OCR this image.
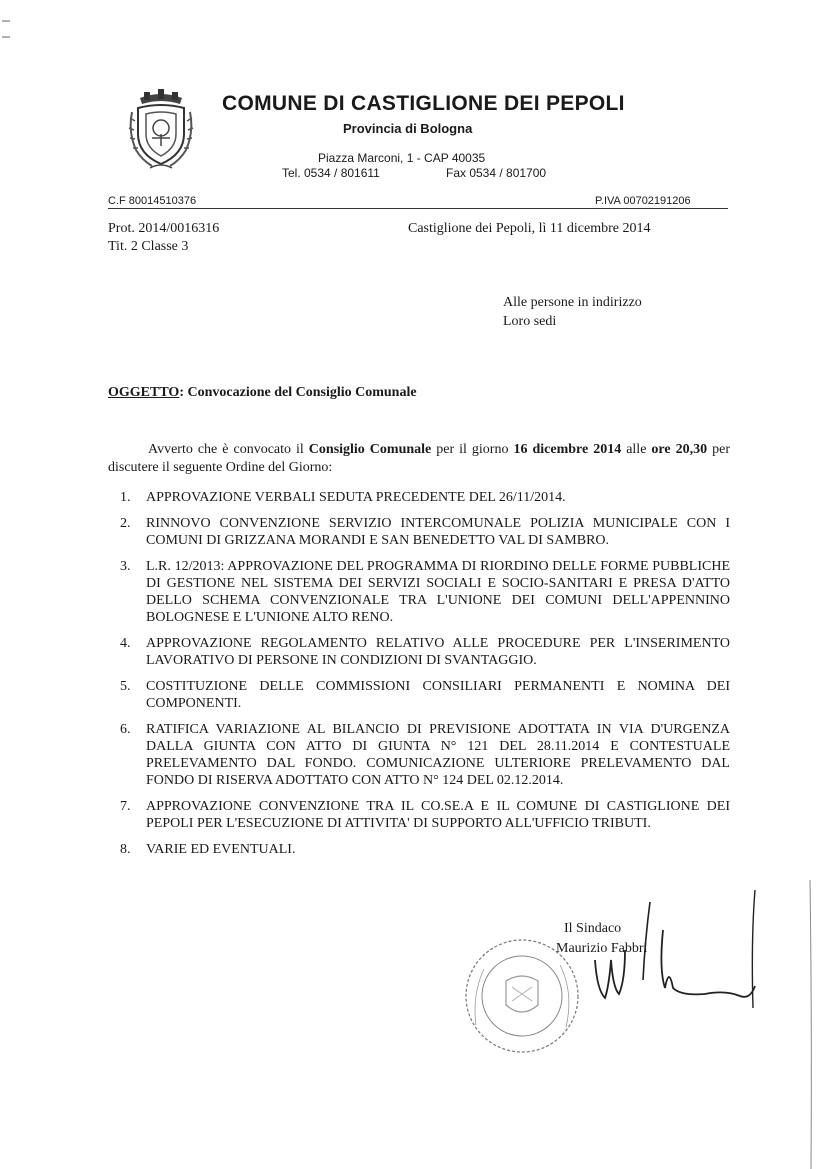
COMUNE DI CASTIGLIONE DEI PEPOLI
Provincia di Bologna
Piazza Marconi, 1 - CAP 40035
Tel. 0534 / 801611	Fax 0534 / 801700
C.F 80014510376	P.IVA 00702191206
Prot. 2014/0016316
Tit. 2 Classe 3
Castiglione dei Pepoli, lì 11 dicembre 2014
Alle persone in indirizzo
Loro sedi
OGGETTO: Convocazione del Consiglio Comunale
Avverto che è convocato il Consiglio Comunale per il giorno 16 dicembre 2014 alle ore 20,30 per discutere il seguente Ordine del Giorno:
1. APPROVAZIONE VERBALI SEDUTA PRECEDENTE DEL 26/11/2014.
2. RINNOVO CONVENZIONE SERVIZIO INTERCOMUNALE POLIZIA MUNICIPALE CON I COMUNI DI GRIZZANA MORANDI E SAN BENEDETTO VAL DI SAMBRO.
3. L.R. 12/2013: APPROVAZIONE DEL PROGRAMMA DI RIORDINO DELLE FORME PUBBLICHE DI GESTIONE NEL SISTEMA DEI SERVIZI SOCIALI E SOCIO-SANITARI E PRESA D'ATTO DELLO SCHEMA CONVENZIONALE TRA L'UNIONE DEI COMUNI DELL'APPENNINO BOLOGNESE E L'UNIONE ALTO RENO.
4. APPROVAZIONE REGOLAMENTO RELATIVO ALLE PROCEDURE PER L'INSERIMENTO LAVORATIVO DI PERSONE IN CONDIZIONI DI SVANTAGGIO.
5. COSTITUZIONE DELLE COMMISSIONI CONSILIARI PERMANENTI E NOMINA DEI COMPONENTI.
6. RATIFICA VARIAZIONE AL BILANCIO DI PREVISIONE ADOTTATA IN VIA D'URGENZA DALLA GIUNTA CON ATTO DI GIUNTA N° 121 DEL 28.11.2014 E CONTESTUALE PRELEVAMENTO DAL FONDO. COMUNICAZIONE ULTERIORE PRELEVAMENTO DAL FONDO DI RISERVA ADOTTATO CON ATTO N° 124 DEL 02.12.2014.
7. APPROVAZIONE CONVENZIONE TRA IL CO.SE.A E IL COMUNE DI CASTIGLIONE DEI PEPOLI PER L'ESECUZIONE DI ATTIVITA' DI SUPPORTO ALL'UFFICIO TRIBUTI.
8. VARIE ED EVENTUALI.
Il Sindaco
Maurizio Fabbri
